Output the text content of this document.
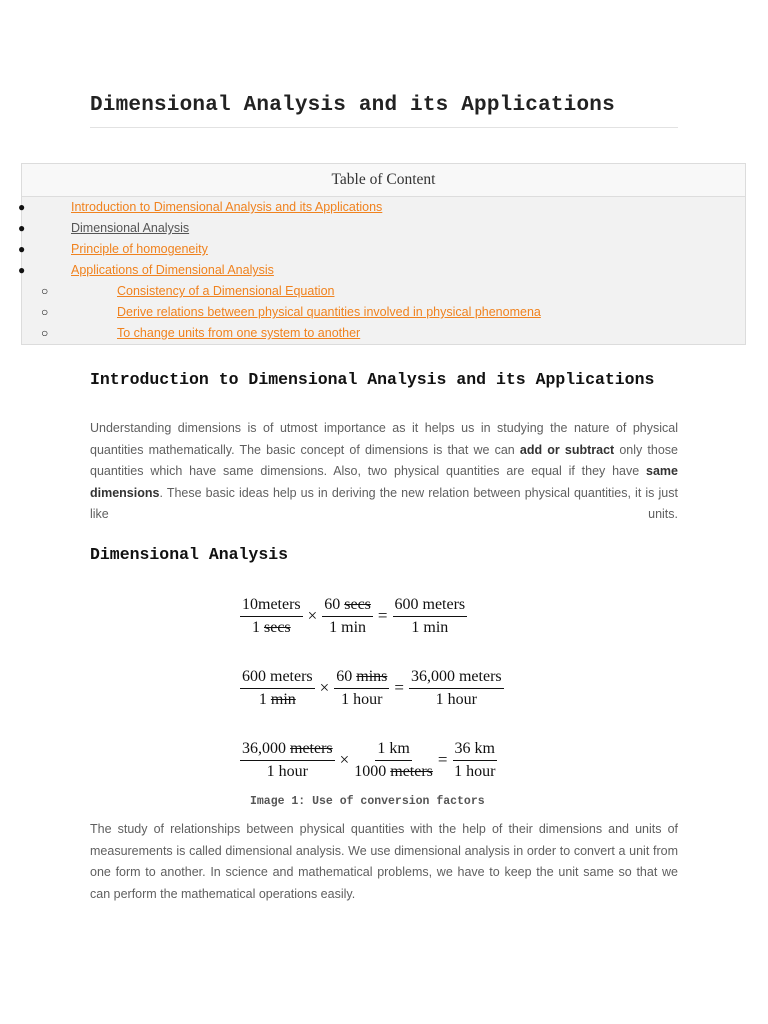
Dimensional Analysis and its Applications
Table of Content
●	Introduction to Dimensional Analysis and its Applications
●	Dimensional Analysis
●	Principle of homogeneity
●	Applications of Dimensional Analysis
○	Consistency of a Dimensional Equation
○	Derive relations between physical quantities involved in physical phenomena
○	To change units from one system to another
Introduction to Dimensional Analysis and its Applications

Understanding dimensions is of utmost importance as it helps us in studying the nature of physical quantities mathematically. The basic concept of dimensions is that we can add or subtract only those quantities which have same dimensions. Also, two physical quantities are equal if they have same dimensions. These basic ideas help us in deriving the new relation between physical quantities, it is just like units.

Dimensional Analysis
$\frac{\text{10meters}}{1 \sec s} \times \frac{60 \sec s}{1 \min} = \frac{\text{600 meters}}{1 \min}$
$\frac{\text{600 meters}}{1 \min} \times \frac{60 \min s}{\text{1 hour}} = \frac{\text{36,000 meters}}{\text{1 hour}}$
$\frac{\text{36,000 meters}}{\text{1 hour}} \times \frac{1 km}{\text{1000 meters}} = \frac{36 km}{\text{1 hour}}$
Image 1: Use of conversion factors

The study of relationships between physical quantities with the help of their dimensions and units of measurements is called dimensional analysis. We use dimensional analysis in order to convert a unit from one form to another. In science and mathematical problems, we have to keep the unit same so that we can perform the mathematical operations easily.
